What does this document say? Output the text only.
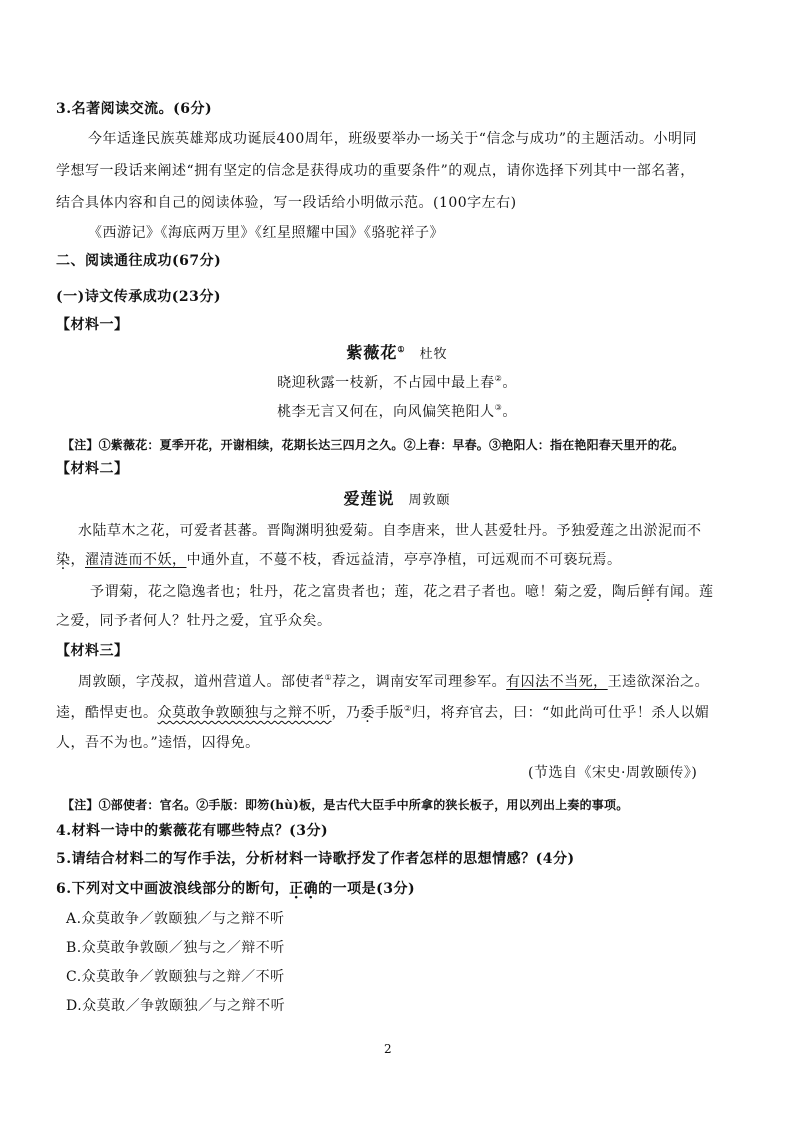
3.名著阅读交流。(6分)
今年适逢民族英雄郑成功诞辰400周年，班级要举办一场关于“信念与成功”的主题活动。小明同
学想写一段话来阐述“拥有坚定的信念是获得成功的重要条件”的观点，请你选择下列其中一部名著，
结合具体内容和自己的阅读体验，写一段话给小明做示范。(100字左右)
《西游记》《海底两万里》《红星照耀中国》《骆驼祥子》
二、阅读通往成功(67分)
(一)诗文传承成功(23分)
【材料一】
紫薇花① 杜牧
晓迎秋露一枝新，不占园中最上春②。
桃李无言又何在，向风偏笑艳阳人③。
【注】①紫薇花：夏季开花，开谢相续，花期长达三四月之久。②上春：早春。③艳阳人：指在艳阳春天里开的花。
【材料二】
爱莲说 周敦颐
水陆草木之花，可爱者甚蕃。晋陶渊明独爱菊。自李唐来，世人甚爱牡丹。予独爱莲之出淤泥而不
染，濯清涟而不妖，中通外直，不蔓不枝，香远益清，亭亭净植，可远观而不可亵玩焉。
予谓菊，花之隐逸者也；牡丹，花之富贵者也；莲，花之君子者也。噫！菊之爱，陶后鲜有闻。莲
之爱，同予者何人？牡丹之爱，宜乎众矣。
【材料三】
周敦颐，字茂叔，道州营道人。部使者①荐之，调南安军司理参军。有囚法不当死，王逵欲深治之。
逵，酷悍吏也。众莫敢争敦颐独与之辩不听，乃委手版②归，将弃官去，曰：“如此尚可仕乎！杀人以媚
人，吾不为也。”逵悟，囚得免。
(节选自《宋史·周敦颐传》)
【注】①部使者：官名。②手版：即笏(hù)板，是古代大臣手中所拿的狭长板子，用以列出上奏的事项。
4.材料一诗中的紫薇花有哪些特点？(3分)
5.请结合材料二的写作手法，分析材料一诗歌抒发了作者怎样的思想情感？(4分)
6.下列对文中画波浪线部分的断句，正确的一项是(3分)
A.众莫敢争／敦颐独／与之辩不听
B.众莫敢争敦颐／独与之／辩不听
C.众莫敢争／敦颐独与之辩／不听
D.众莫敢／争敦颐独／与之辩不听
2
